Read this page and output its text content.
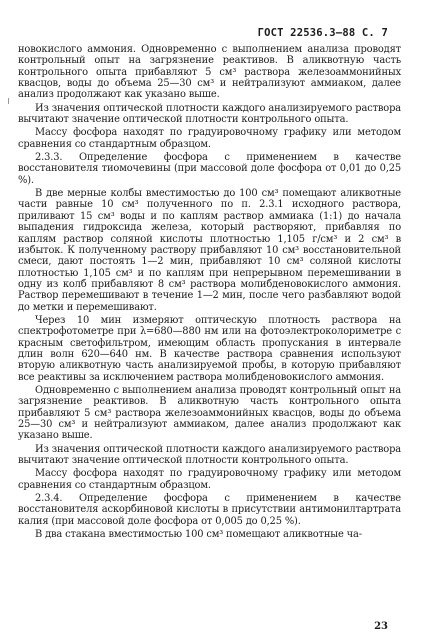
ГОСТ 22536.3—88 С. 7

новокислого аммония. Одновременно с выполнением анализа проводят контрольный опыт на загрязнение реактивов. В аликвотную часть контрольного опыта прибавляют 5 см³ раствора железоаммонийных квасцов, воды до объема 25—30 см³ и нейтрализуют аммиаком, далее анализ продолжают как указано выше.

Из значения оптической плотности каждого анализируемого раствора вычитают значение оптической плотности контрольного опыта.

Массу фосфора находят по градуировочному графику или методом сравнения со стандартным образцом.

2.3.3. Определение фосфора с применением в качестве восстановителя тиомочевины (при массовой доле фосфора от 0,01 до 0,25 %).

В две мерные колбы вместимостью до 100 см³ помещают аликвотные части равные 10 см³ полученного по п. 2.3.1 исходного раствора, приливают 15 см³ воды и по каплям раствор аммиака (1:1) до начала выпадения гидроксида железа, который растворяют, прибавляя по каплям раствор соляной кислоты плотностью 1,105 г/см³ и 2 см³ в избыток. К полученному раствору прибавляют 10 см³ восстановительной смеси, дают постоять 1—2 мин, прибавляют 10 см³ соляной кислоты плотностью 1,105 см³ и по каплям при непрерывном перемешивании в одну из колб прибавляют 8 см³ раствора молибденовокислого аммония. Раствор перемешивают в течение 1—2 мин, после чего разбавляют водой до метки и перемешивают.

Через 10 мин измеряют оптическую плотность раствора на спектрофотометре при λ=680—880 нм или на фотоэлектроколориметре с красным светофильтром, имеющим область пропускания в интервале длин волн 620—640 нм. В качестве раствора сравнения используют вторую аликвотную часть анализируемой пробы, в которую прибавляют все реактивы за исключением раствора молибденовокислого аммония.

Одновременно с выполнением анализа проводят контрольный опыт на загрязнение реактивов. В аликвотную часть контрольного опыта прибавляют 5 см³ раствора железоаммонийных квасцов, воды до объема 25—30 см³ и нейтрализуют аммиаком, далее анализ продолжают как указано выше.

Из значения оптической плотности каждого анализируемого раствора вычитают значение оптической плотности контрольного опыта.

Массу фосфора находят по градуировочному графику или методом сравнения со стандартным образцом.

2.3.4. Определение фосфора с применением в качестве восстановителя аскорбиновой кислоты в присутствии антимонилтартрата калия (при массовой доле фосфора от 0,005 до 0,25 %).

В два стакана вместимостью 100 см³ помещают аликвотные ча-

23
